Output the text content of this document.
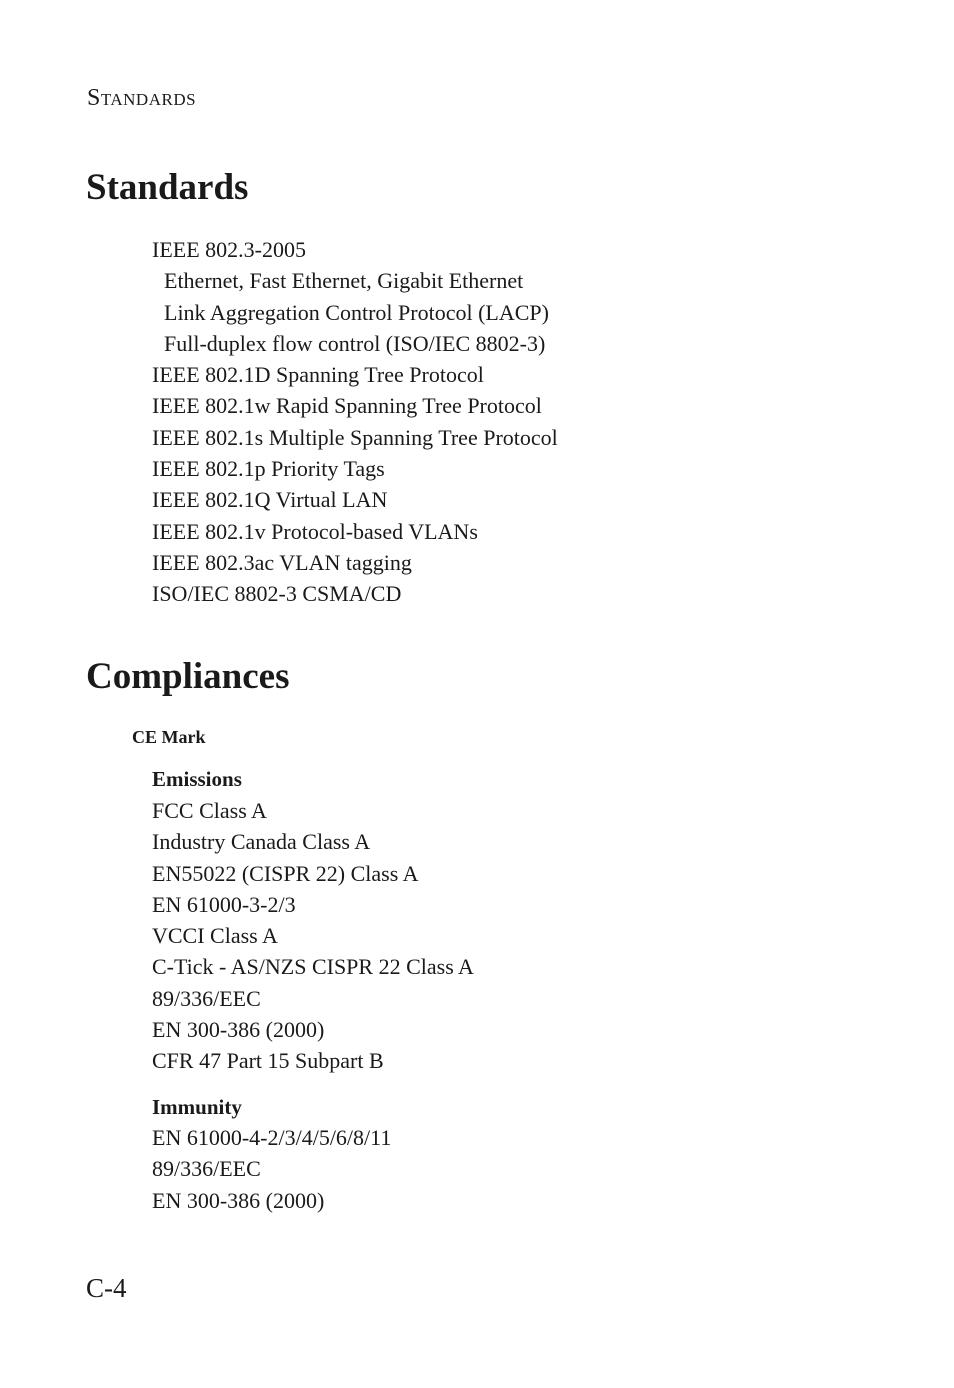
Standards

Standards
IEEE 802.3-2005
Ethernet, Fast Ethernet, Gigabit Ethernet
Link Aggregation Control Protocol (LACP)
Full-duplex flow control (ISO/IEC 8802-3)
IEEE 802.1D Spanning Tree Protocol
IEEE 802.1w Rapid Spanning Tree Protocol
IEEE 802.1s Multiple Spanning Tree Protocol
IEEE 802.1p Priority Tags
IEEE 802.1Q Virtual LAN
IEEE 802.1v Protocol-based VLANs
IEEE 802.3ac VLAN tagging
ISO/IEC 8802-3 CSMA/CD
Compliances

CE Mark

Emissions

FCC Class A
Industry Canada Class A
EN55022 (CISPR 22) Class A
EN 61000-3-2/3
VCCI Class A
C-Tick - AS/NZS CISPR 22 Class A
89/336/EEC
EN 300-386 (2000)
CFR 47 Part 15 Subpart B

Immunity

EN 61000-4-2/3/4/5/6/8/11
89/336/EEC
EN 300-386 (2000)

C-4
